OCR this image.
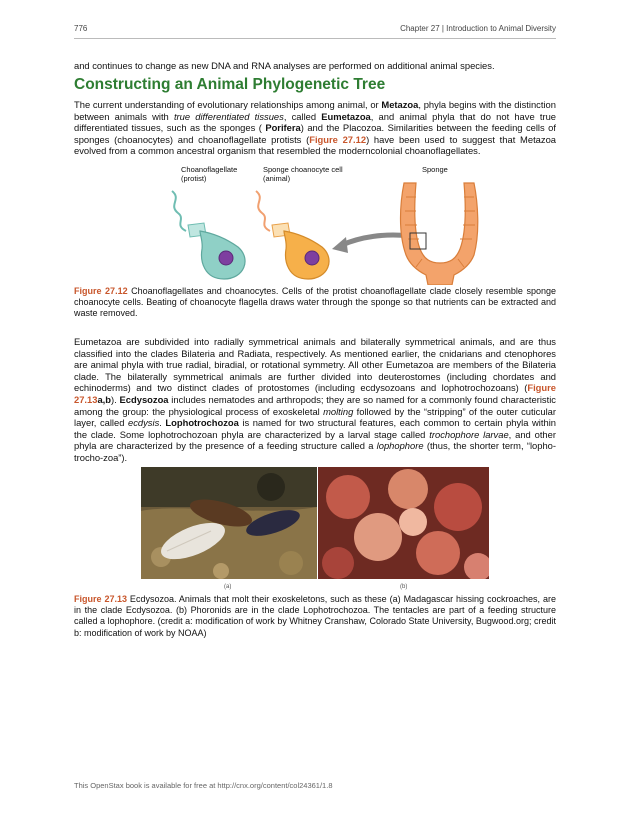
776	Chapter 27 | Introduction to Animal Diversity
and continues to change as new DNA and RNA analyses are performed on additional animal species.
Constructing an Animal Phylogenetic Tree
The current understanding of evolutionary relationships among animal, or Metazoa, phyla begins with the distinction between animals with true differentiated tissues, called Eumetazoa, and animal phyla that do not have true differentiated tissues, such as the sponges ( Porifera) and the Placozoa. Similarities between the feeding cells of sponges (choanocytes) and choanoflagellate protists (Figure 27.12) have been used to suggest that Metazoa evolved from a common ancestral organism that resembled the moderncolonial choanoflagellates.
Choanoflagellate
(protist)
Sponge choanocyte cell
(animal)
Sponge
Figure 27.12 Choanoflagellates and choanocytes. Cells of the protist choanoflagellate clade closely resemble sponge choanocyte cells. Beating of choanocyte flagella draws water through the sponge so that nutrients can be extracted and waste removed.
Eumetazoa are subdivided into radially symmetrical animals and bilaterally symmetrical animals, and are thus classified into the clades Bilateria and Radiata, respectively. As mentioned earlier, the cnidarians and ctenophores are animal phyla with true radial, biradial, or rotational symmetry. All other Eumetazoa are members of the Bilateria clade. The bilaterally symmetrical animals are further divided into deuterostomes (including chordates and echinoderms) and two distinct clades of protostomes (including ecdysozoans and lophotrochozoans) (Figure 27.13a,b). Ecdysozoa includes nematodes and arthropods; they are so named for a commonly found characteristic among the group: the physiological process of exoskeletal molting followed by the “stripping” of the outer cuticular layer, called ecdysis. Lophotrochozoa is named for two structural features, each common to certain phyla within the clade. Some lophotrochozoan phyla are characterized by a larval stage called trochophore larvae, and other phyla are characterized by the presence of a feeding structure called a lophophore (thus, the shorter term, “lopho-trocho-zoa”).
(a)	(b)
Figure 27.13 Ecdysozoa. Animals that molt their exoskeletons, such as these (a) Madagascar hissing cockroaches, are in the clade Ecdysozoa. (b) Phoronids are in the clade Lophotrochozoa. The tentacles are part of a feeding structure called a lophophore. (credit a: modification of work by Whitney Cranshaw, Colorado State University, Bugwood.org; credit b: modification of work by NOAA)
This OpenStax book is available for free at http://cnx.org/content/col24361/1.8
